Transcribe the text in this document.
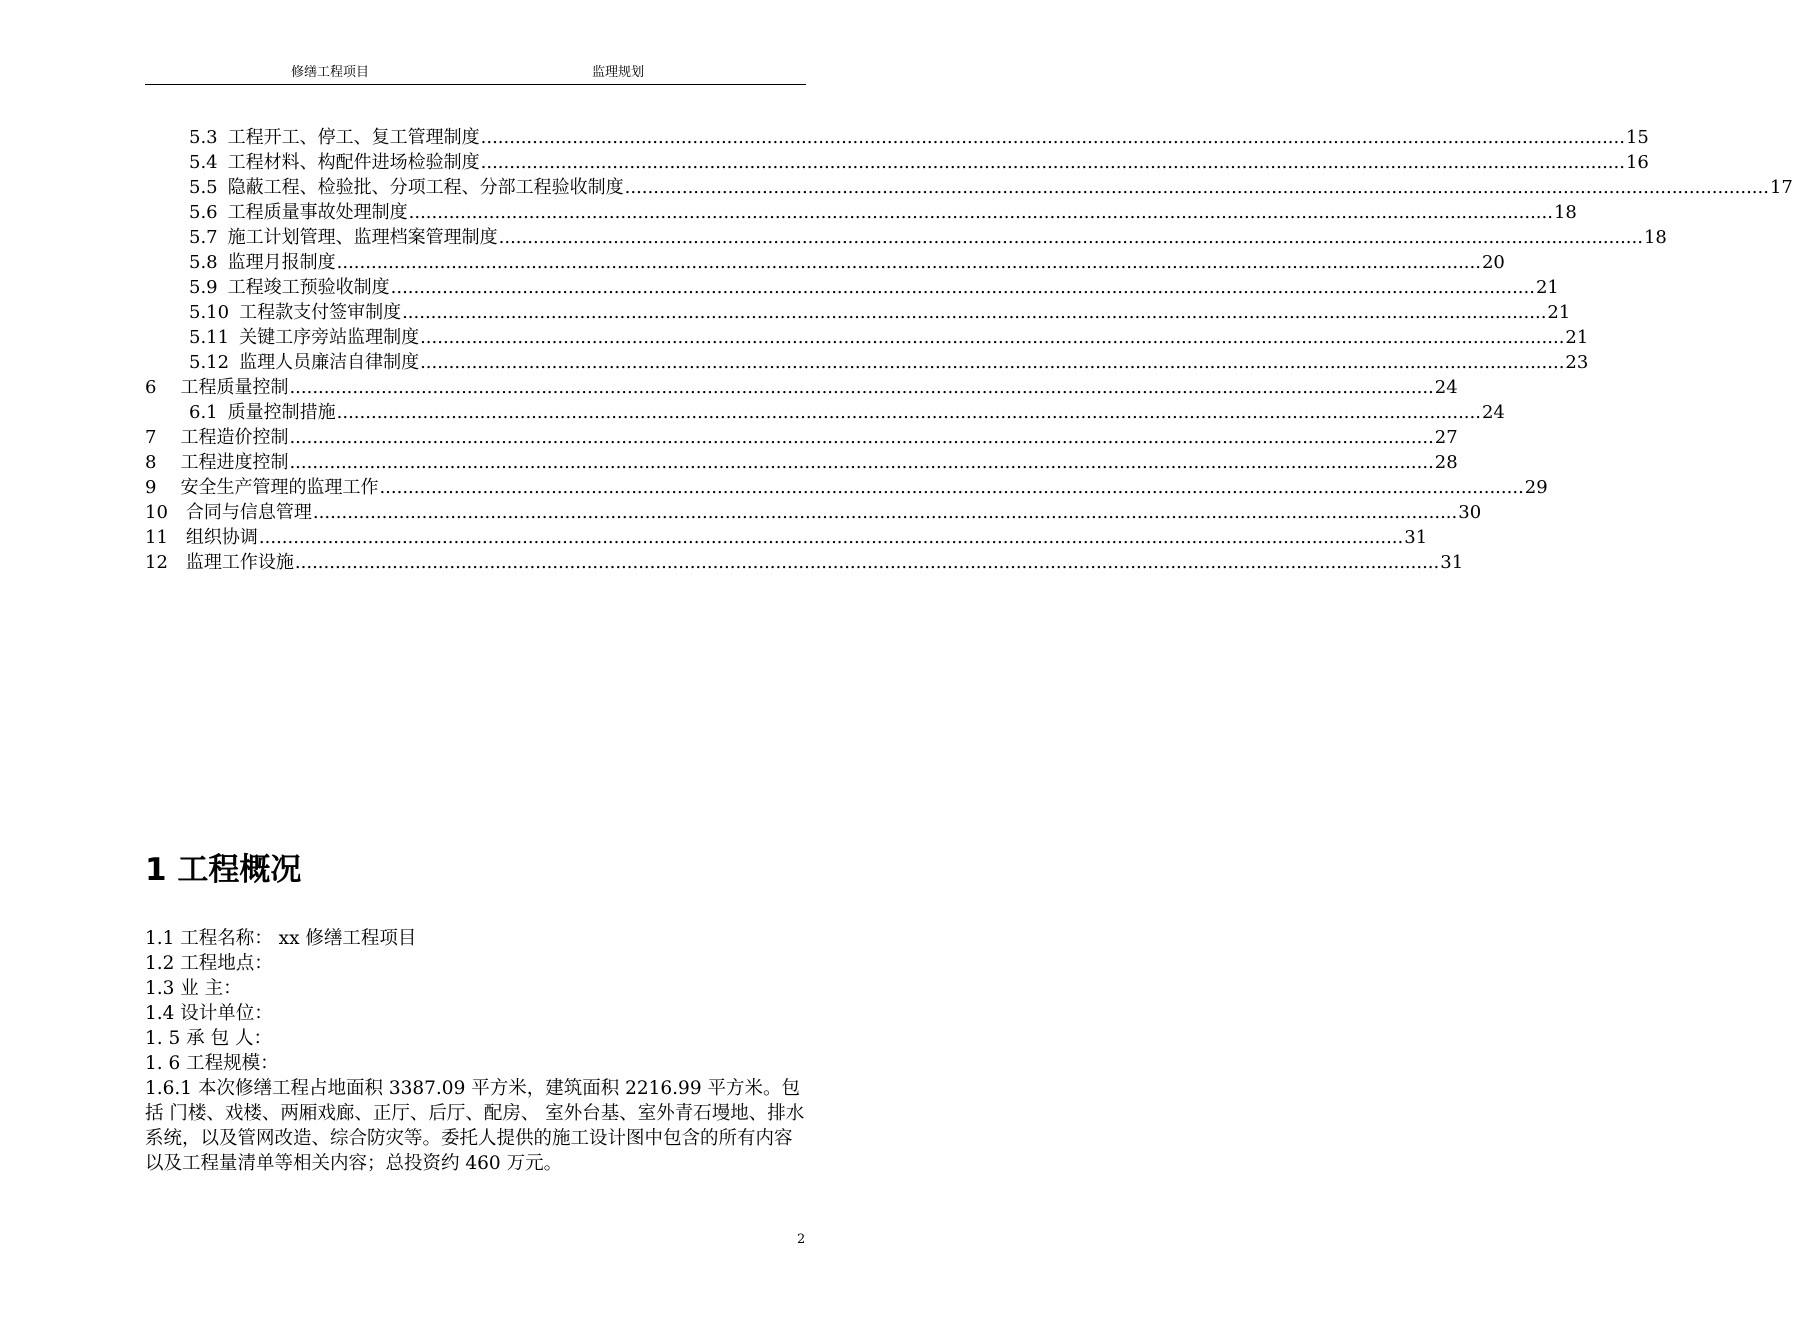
修缮工程项目	监理规划
5.3 工程开工、停工、复工管理制度 ........................................................................................................................................................................................................ 15
5.4 工程材料、构配件进场检验制度 ........................................................................................................................................................................................................ 16
5.5 隐蔽工程、检验批、分项工程、分部工程验收制度 ........................................................................................................................................................................................................ 17
5.6 工程质量事故处理制度 ........................................................................................................................................................................................................ 18
5.7 施工计划管理、监理档案管理制度 ........................................................................................................................................................................................................ 18
5.8 监理月报制度 ........................................................................................................................................................................................................ 20
5.9 工程竣工预验收制度 ........................................................................................................................................................................................................ 21
5.10 工程款支付签审制度 ........................................................................................................................................................................................................ 21
5.11 关键工序旁站监理制度 ........................................................................................................................................................................................................ 21
5.12 监理人员廉洁自律制度 ........................................................................................................................................................................................................ 23
6 工程质量控制 ........................................................................................................................................................................................................ 24
6.1 质量控制措施 ........................................................................................................................................................................................................ 24
7 工程造价控制 ........................................................................................................................................................................................................ 27
8 工程进度控制 ........................................................................................................................................................................................................ 28
9 安全生产管理的监理工作 ........................................................................................................................................................................................................ 29
10 合同与信息管理 ........................................................................................................................................................................................................ 30
11 组织协调 ........................................................................................................................................................................................................ 31
12 监理工作设施 ........................................................................................................................................................................................................ 31
1 工程概况
1.1 工程名称： xx 修缮工程项目
1.2 工程地点：
1.3 业 主：
1.4 设计单位：
1. 5 承 包 人：
1. 6 工程规模：
1.6.1 本次修缮工程占地面积 3387.09 平方米，建筑面积 2216.99 平方米。包括 门楼、戏楼、两厢戏廊、正厅、后厅、配房、 室外台基、室外青石墁地、排水系统，以及管网改造、综合防灾等。委托人提供的施工设计图中包含的所有内容以及工程量清单等相关内容；总投资约 460 万元。
2
